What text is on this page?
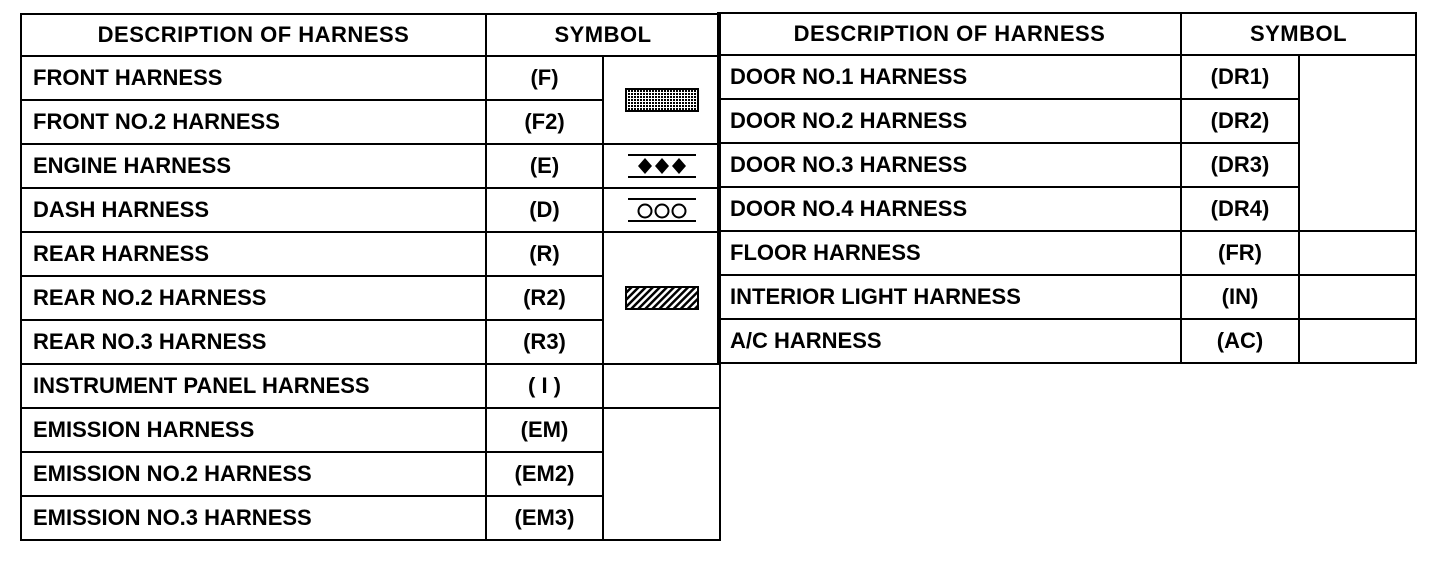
DESCRIPTION OF HARNESS	SYMBOL	
FRONT HARNESS	(F)	

FRONT NO.2 HARNESS	(F2)	
ENGINE HARNESS	(E)	

DASH HARNESS	(D)	

REAR HARNESS	(R)	

REAR NO.2 HARNESS	(R2)	
REAR NO.3 HARNESS	(R3)	
INSTRUMENT PANEL HARNESS	( I )	
EMISSION HARNESS	(EM)	
EMISSION NO.2 HARNESS	(EM2)	
EMISSION NO.3 HARNESS	(EM3)	
DESCRIPTION OF HARNESS	SYMBOL	
DOOR NO.1 HARNESS	(DR1)	
DOOR NO.2 HARNESS	(DR2)	
DOOR NO.3 HARNESS	(DR3)	
DOOR NO.4 HARNESS	(DR4)	
FLOOR HARNESS	(FR)	
INTERIOR LIGHT HARNESS	(IN)	
A/C HARNESS	(AC)	
